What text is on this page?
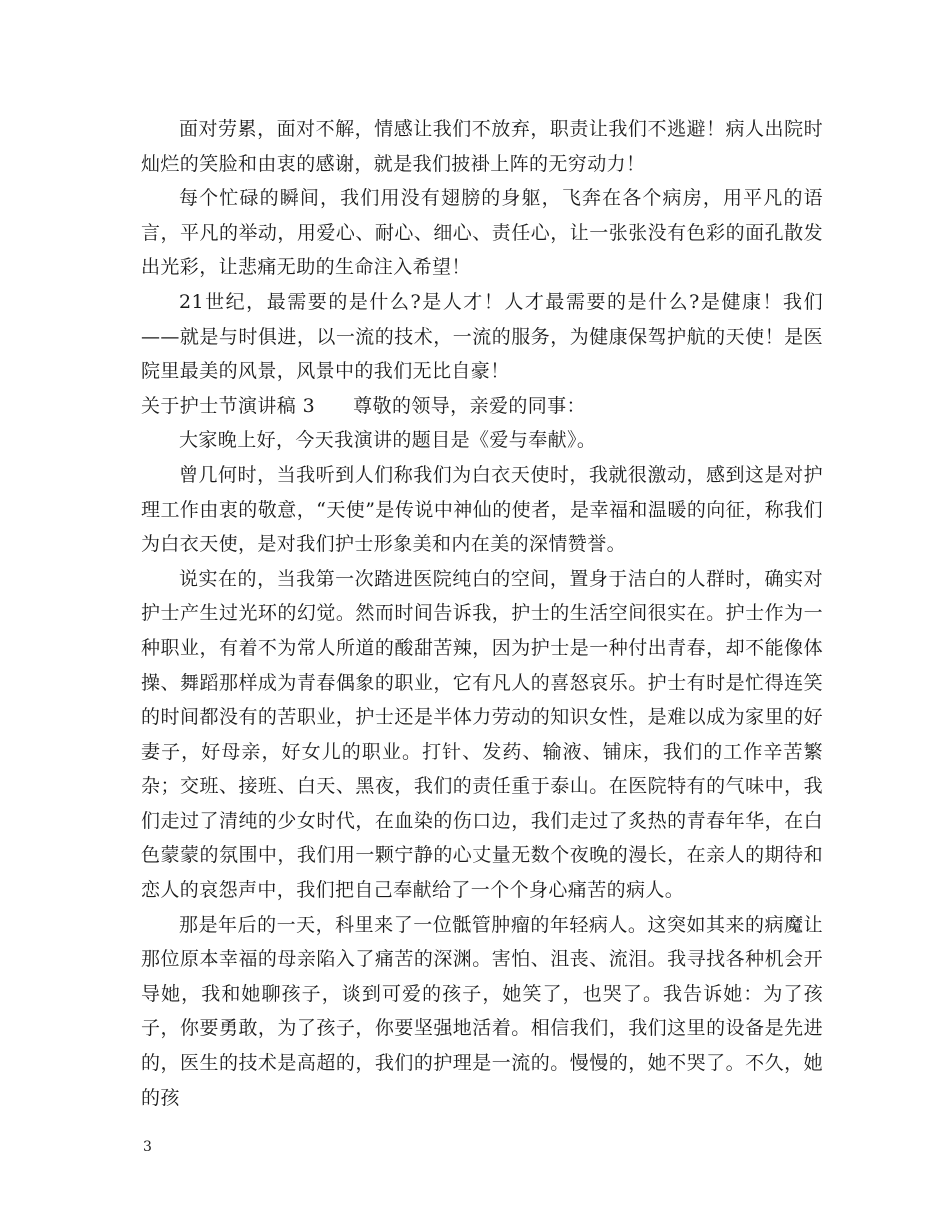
面对劳累，面对不解，情感让我们不放弃，职责让我们不逃避！病人出院时灿烂的笑脸和由衷的感谢，就是我们披褂上阵的无穷动力！

每个忙碌的瞬间，我们用没有翅膀的身躯，飞奔在各个病房，用平凡的语言，平凡的举动，用爱心、耐心、细心、责任心，让一张张没有色彩的面孔散发出光彩，让悲痛无助的生命注入希望！

21世纪，最需要的是什么?是人才！人才最需要的是什么?是健康！我们——就是与时俱进，以一流的技术，一流的服务，为健康保驾护航的天使！是医院里最美的风景，风景中的我们无比自豪！

关于护士节演讲稿 3 尊敬的领导，亲爱的同事：

大家晚上好，今天我演讲的题目是《爱与奉献》。

曾几何时，当我听到人们称我们为白衣天使时，我就很激动，感到这是对护理工作由衷的敬意，“天使”是传说中神仙的使者，是幸福和温暖的向征，称我们为白衣天使，是对我们护士形象美和内在美的深情赞誉。

说实在的，当我第一次踏进医院纯白的空间，置身于洁白的人群时，确实对护士产生过光环的幻觉。然而时间告诉我，护士的生活空间很实在。护士作为一种职业，有着不为常人所道的酸甜苦辣，因为护士是一种付出青春，却不能像体操、舞蹈那样成为青春偶象的职业，它有凡人的喜怒哀乐。护士有时是忙得连笑的时间都没有的苦职业，护士还是半体力劳动的知识女性，是难以成为家里的好妻子，好母亲，好女儿的职业。打针、发药、输液、铺床，我们的工作辛苦繁杂；交班、接班、白天、黑夜，我们的责任重于泰山。在医院特有的气味中，我们走过了清纯的少女时代，在血染的伤口边，我们走过了炙热的青春年华，在白色蒙蒙的氛围中，我们用一颗宁静的心丈量无数个夜晚的漫长，在亲人的期待和恋人的哀怨声中，我们把自己奉献给了一个个身心痛苦的病人。

那是年后的一天，科里来了一位骶管肿瘤的年轻病人。这突如其来的病魔让那位原本幸福的母亲陷入了痛苦的深渊。害怕、沮丧、流泪。我寻找各种机会开导她，我和她聊孩子，谈到可爱的孩子，她笑了，也哭了。我告诉她：为了孩子，你要勇敢，为了孩子，你要坚强地活着。相信我们，我们这里的设备是先进的，医生的技术是高超的，我们的护理是一流的。慢慢的，她不哭了。不久，她的孩

3
